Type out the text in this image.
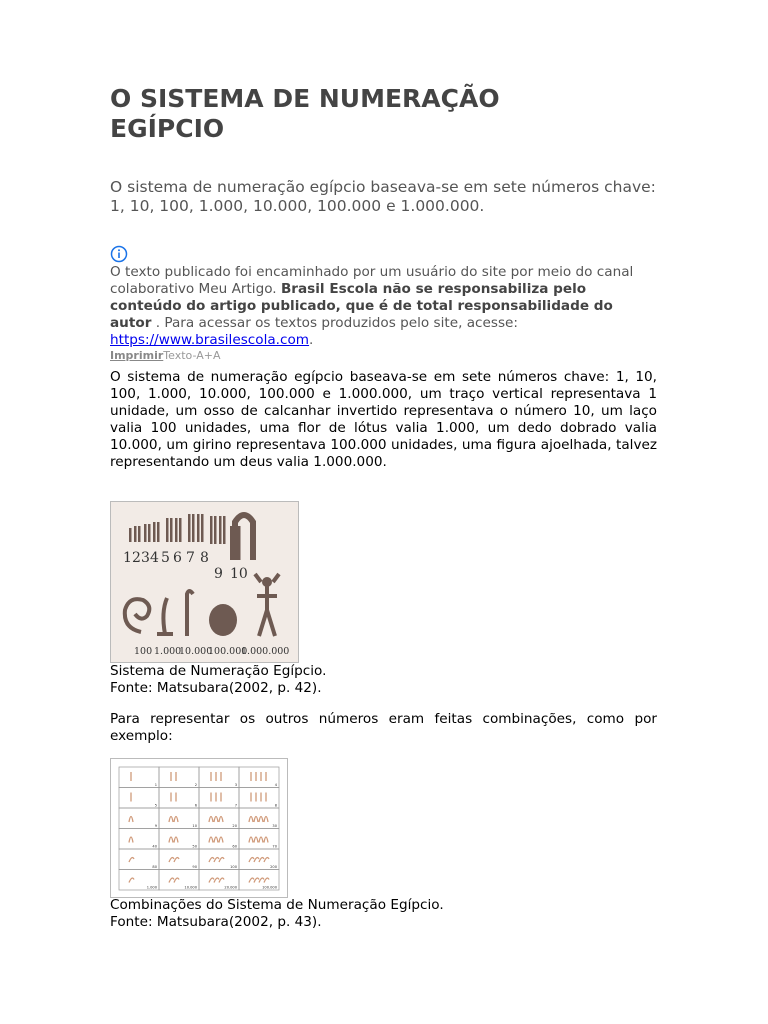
O SISTEMA DE NUMERAÇÃO
EGÍPCIO

O sistema de numeração egípcio baseava-se em sete números chave: 1, 10, 100, 1.000, 10.000, 100.000 e 1.000.000.

O texto publicado foi encaminhado por um usuário do site por meio do canal colaborativo Meu Artigo. Brasil Escola não se responsabiliza pelo conteúdo do artigo publicado, que é de total responsabilidade do autor . Para acessar os textos produzidos pelo site, acesse: https://www.brasilescola.com.

ImprimirTexto-A+A

O sistema de numeração egípcio baseava-se em sete números chave: 1, 10, 100, 1.000, 10.000, 100.000 e 1.000.000, um traço vertical representava 1 unidade, um osso de calcanhar invertido representava o número 10, um laço valia 100 unidades, uma flor de lótus valia 1.000, um dedo dobrado valia 10.000, um girino representava 100.000 unidades, uma figura ajoelhada, talvez representando um deus valia 1.000.000.

1 2 3 4 5 6 7 8
9 10
100 1.000
10.000
100.000
1.000.000

Sistema de Numeração Egípcio.
Fonte: Matsubara(2002, p. 42).

Para representar os outros números eram feitas combinações, como por exemplo:

1	2	3	4
5	6	7	8
9	10	20	30
40	50	60	70
80	90	100	200
1.000	10.000	20.000	100.000

Combinações do Sistema de Numeração Egípcio.
Fonte: Matsubara(2002, p. 43).
